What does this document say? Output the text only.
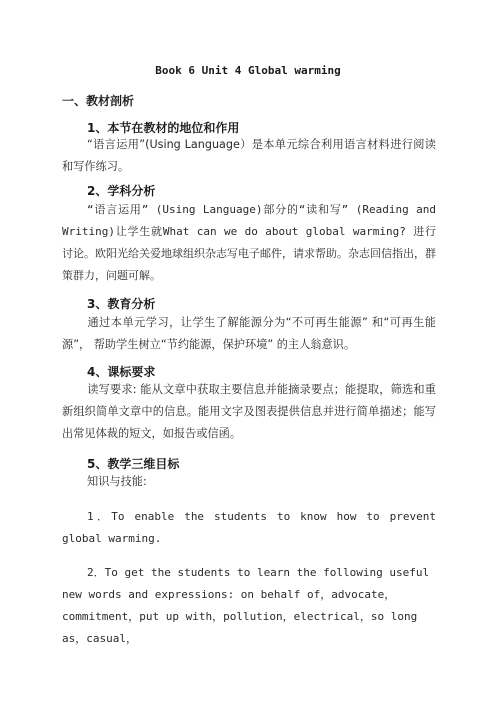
Book 6 Unit 4 Global warming
一、教材剖析
1、本节在教材的地位和作用
“语言运用”(Using Language）是本单元综合利用语言材料进行阅读和写作练习。
2、学科分析
“语言运用” (Using Language)部分的“读和写” (Reading and Writing)让学生就What can we do about global warming? 进行讨论。欧阳光给关爱地球组织杂志写电子邮件，请求帮助。杂志回信指出，群策群力，问题可解。
3、教育分析
通过本单元学习，让学生了解能源分为“不可再生能源” 和“可再生能源”， 帮助学生树立“节约能源，保护环境” 的主人翁意识。
4、课标要求
读写要求: 能从文章中获取主要信息并能摘录要点；能提取，筛选和重新组织简单文章中的信息。能用文字及图表提供信息并进行简单描述；能写出常见体裁的短文，如报告或信函。
5、教学三维目标
知识与技能:
1．To enable the students to know how to prevent global warming.
2．To get the students to learn the following useful new words and expressions: on behalf of，advocate，commitment，put up with，pollution，electrical，so long as，casual，
